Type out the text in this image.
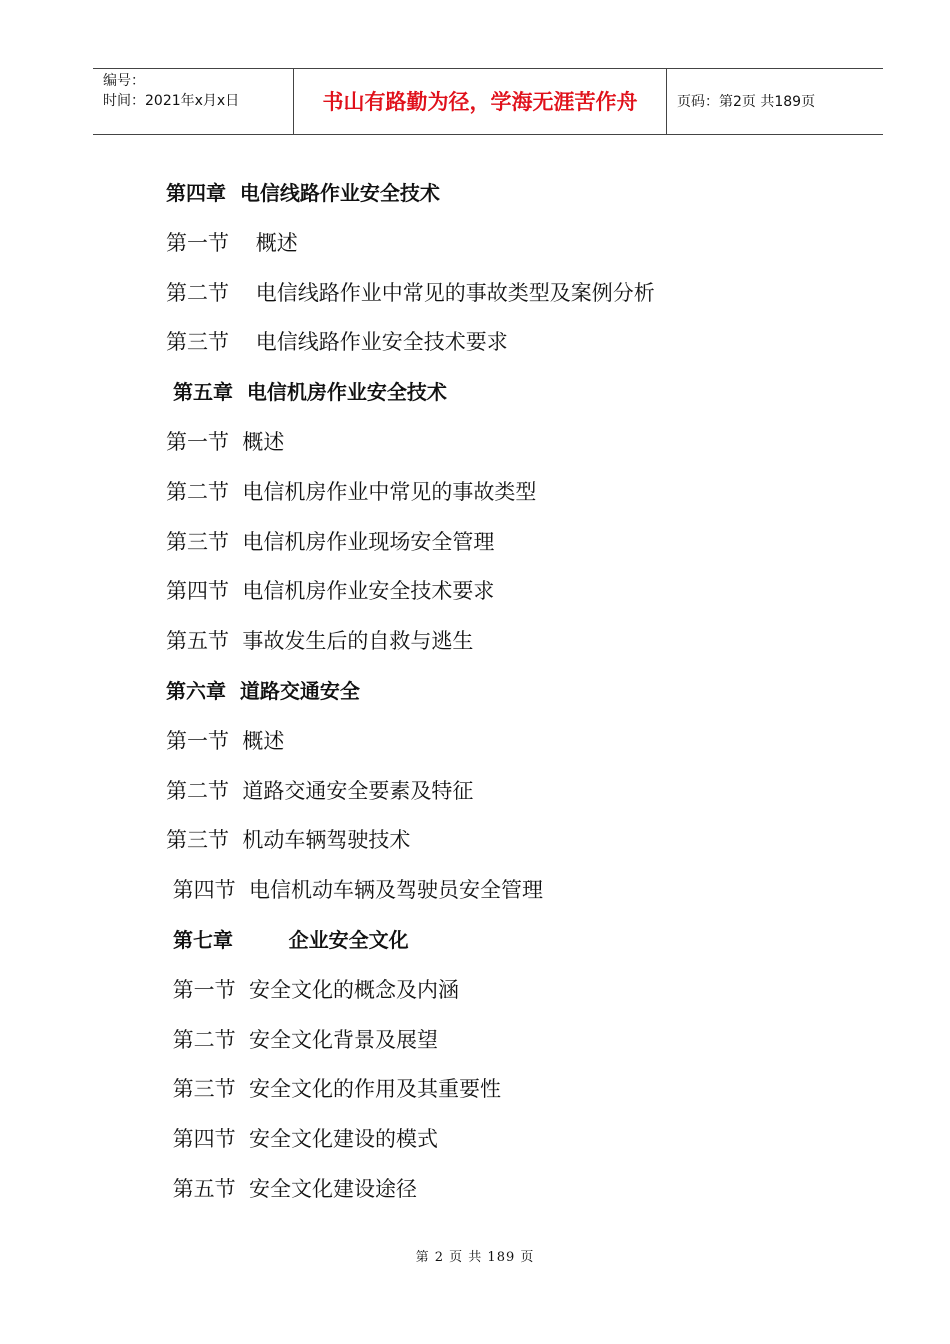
编号：
时间：2021年x月x日	书山有路勤为径，学海无涯苦作舟	页码：第2页 共189页
第四章  电信线路作业安全技术
第一节    概述
第二节    电信线路作业中常见的事故类型及案例分析
第三节    电信线路作业安全技术要求
第五章  电信机房作业安全技术
第一节  概述
第二节  电信机房作业中常见的事故类型
第三节  电信机房作业现场安全管理
第四节  电信机房作业安全技术要求
第五节  事故发生后的自救与逃生
第六章  道路交通安全
第一节  概述
第二节  道路交通安全要素及特征
第三节  机动车辆驾驶技术
第四节  电信机动车辆及驾驶员安全管理
第七章        企业安全文化
第一节  安全文化的概念及内涵
第二节  安全文化背景及展望
第三节  安全文化的作用及其重要性
第四节  安全文化建设的模式
第五节  安全文化建设途径
第 2 页 共 189 页
